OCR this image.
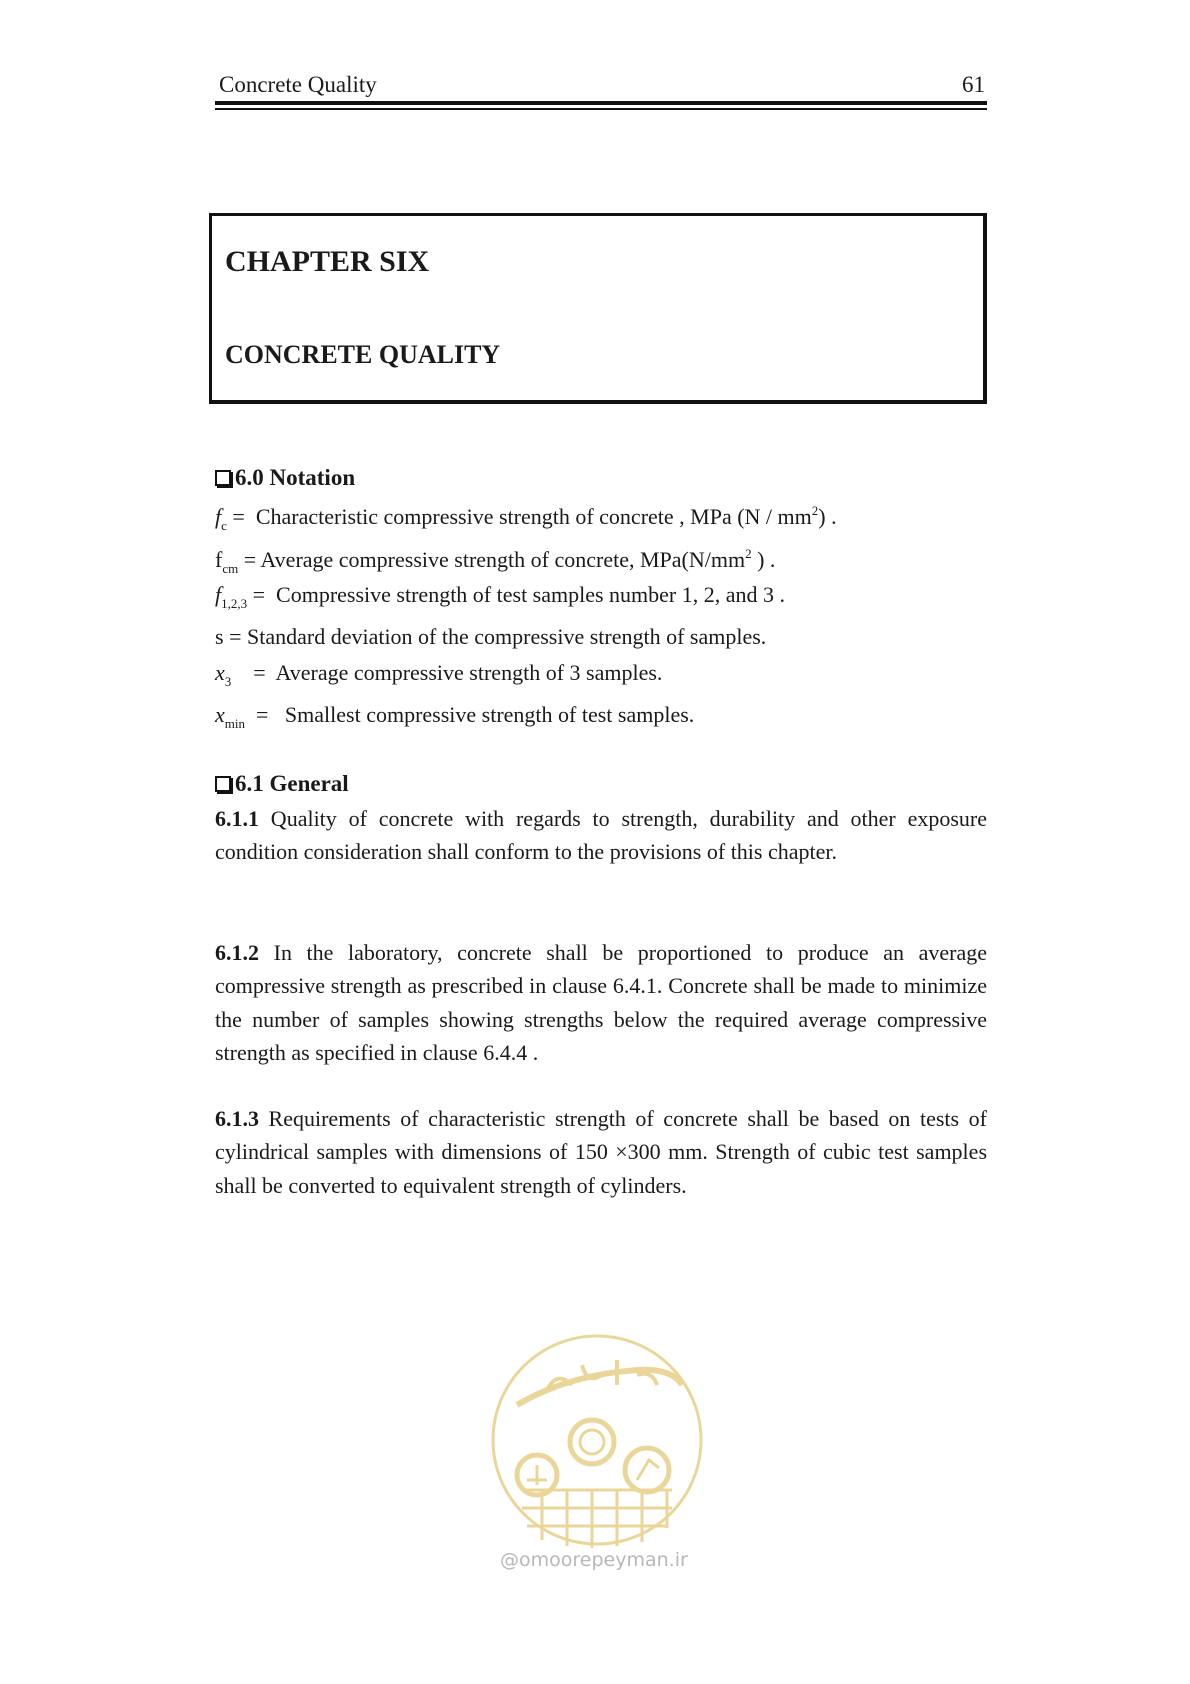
Concrete Quality	61
CHAPTER SIX
CONCRETE QUALITY
6.0 Notation
$f_c$ =  Characteristic compressive strength of concrete , MPa $(N / mm^2)$ .
$f_{cm}$ = Average compressive strength of concrete, $MPa(N/mm^2$ ) .
$f_{1,2,3}$ =  Compressive strength of test samples number 1, 2, and 3 .
s = Standard deviation of the compressive strength of samples.
$x_3$    =  Average compressive strength of 3 samples.
$x_{min}$  =   Smallest compressive strength of test samples.
6.1 General

6.1.1 Quality of concrete with regards to strength, durability and other exposure condition consideration shall conform to the provisions of this chapter.

6.1.2 In the laboratory, concrete shall be proportioned to produce an average compressive strength as prescribed in clause 6.4.1. Concrete shall be made to minimize the number of samples showing strengths below the required average compressive strength as specified in clause 6.4.4 .

6.1.3 Requirements of characteristic strength of concrete shall be based on tests of cylindrical samples with dimensions of 150 ×300 mm. Strength of cubic test samples shall be converted to equivalent strength of cylinders.

@omoorepeyman.ir
